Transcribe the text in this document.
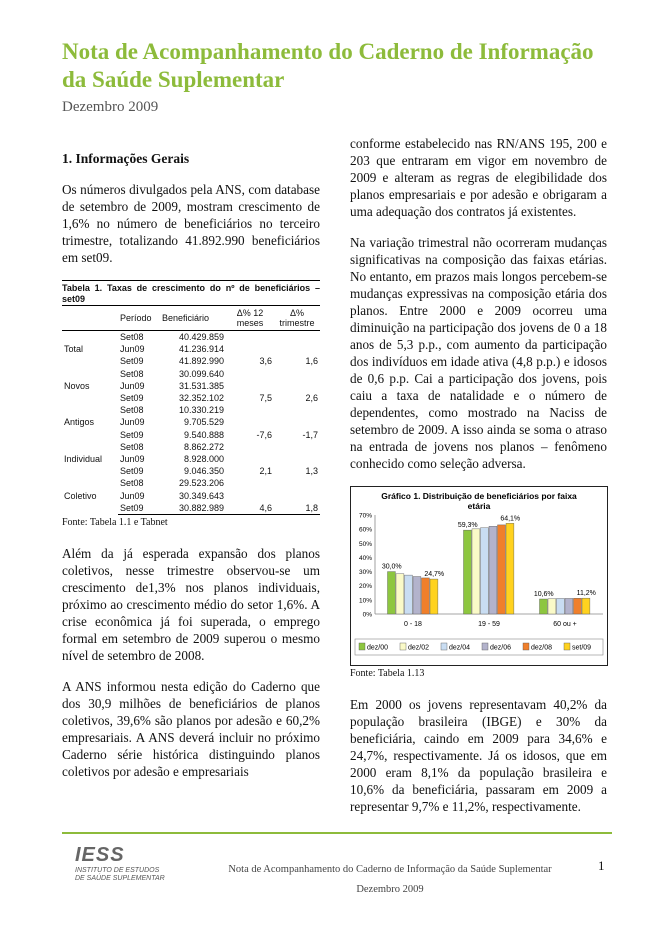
Nota de Acompanhamento do Caderno de Informação da Saúde Suplementar

Dezembro 2009

1. Informações Gerais

Os números divulgados pela ANS, com database de setembro de 2009, mostram crescimento de 1,6% no número de beneficiários no terceiro trimestre, totalizando 41.892.990 beneficiários em set09.

Tabela 1. Taxas de crescimento do nº de beneficiários – set09
	Período	Beneficiário	Δ% 12 meses	Δ% trimestre
Total	Set08	40.429.859		
	Jun09	41.236.914		
	Set09	41.892.990	3,6	1,6
Novos	Set08	30.099.640		
	Jun09	31.531.385		
	Set09	32.352.102	7,5	2,6
Antigos	Set08	10.330.219		
	Jun09	9.705.529		
	Set09	9.540.888	-7,6	-1,7
Individual	Set08	8.862.272		
	Jun09	8.928.000		
	Set09	9.046.350	2,1	1,3
Coletivo	Set08	29.523.206		
	Jun09	30.349.643		
	Set09	30.882.989	4,6	1,8
Fonte: Tabela 1.1 e Tabnet

Além da já esperada expansão dos planos coletivos, nesse trimestre observou-se um crescimento de1,3% nos planos individuais, próximo ao crescimento médio do setor 1,6%. A crise econômica já foi superada, o emprego formal em setembro de 2009 superou o mesmo nível de setembro de 2008.

A ANS informou nesta edição do Caderno que dos 30,9 milhões de beneficiários de planos coletivos, 39,6% são planos por adesão e 60,2% empresariais. A ANS deverá incluir no próximo Caderno série histórica distinguindo planos coletivos por adesão e empresariais

conforme estabelecido nas RN/ANS 195, 200 e 203 que entraram em vigor em novembro de 2009 e alteram as regras de elegibilidade dos planos empresariais e por adesão e obrigaram a uma adequação dos contratos já existentes.

Na variação trimestral não ocorreram mudanças significativas na composição das faixas etárias. No entanto, em prazos mais longos percebem-se mudanças expressivas na composição etária dos planos. Entre 2000 e 2009 ocorreu uma diminuição na participação dos jovens de 0 a 18 anos de 5,3 p.p., com aumento da participação dos indivíduos em idade ativa (4,8 p.p.) e idosos de 0,6 p.p. Cai a participação dos jovens, pois caiu a taxa de natalidade e o número de dependentes, como mostrado na Naciss de setembro de 2009. A isso ainda se soma o atraso na entrada de jovens nos planos – fenômeno conhecido como seleção adversa.

Gráfico 1. Distribuição de beneficiários por faixa
etária
0%
10%
20%
30%
40%
50%
60%
70%
0 - 18	19 - 59	60 ou +
30,0%
24,7%
59,3%
64,1%
10,6%	11,2%
dez/00	dez/02	dez/04	dez/06	dez/08	set/09
Fonte: Tabela 1.13

Em 2000 os jovens representavam 40,2% da população brasileira (IBGE) e 30% da beneficiária, caindo em 2009 para 34,6% e 24,7%, respectivamente. Já os idosos, que em 2000 eram 8,1% da população brasileira e 10,6% da beneficiária, passaram em 2009 a representar 9,7% e 11,2%, respectivamente.

IESS
INSTITUTO DE ESTUDOS
DE SAÚDE SUPLEMENTAR
Nota de Acompanhamento do Caderno de Informação da Saúde Suplementar
Dezembro 2009
1
